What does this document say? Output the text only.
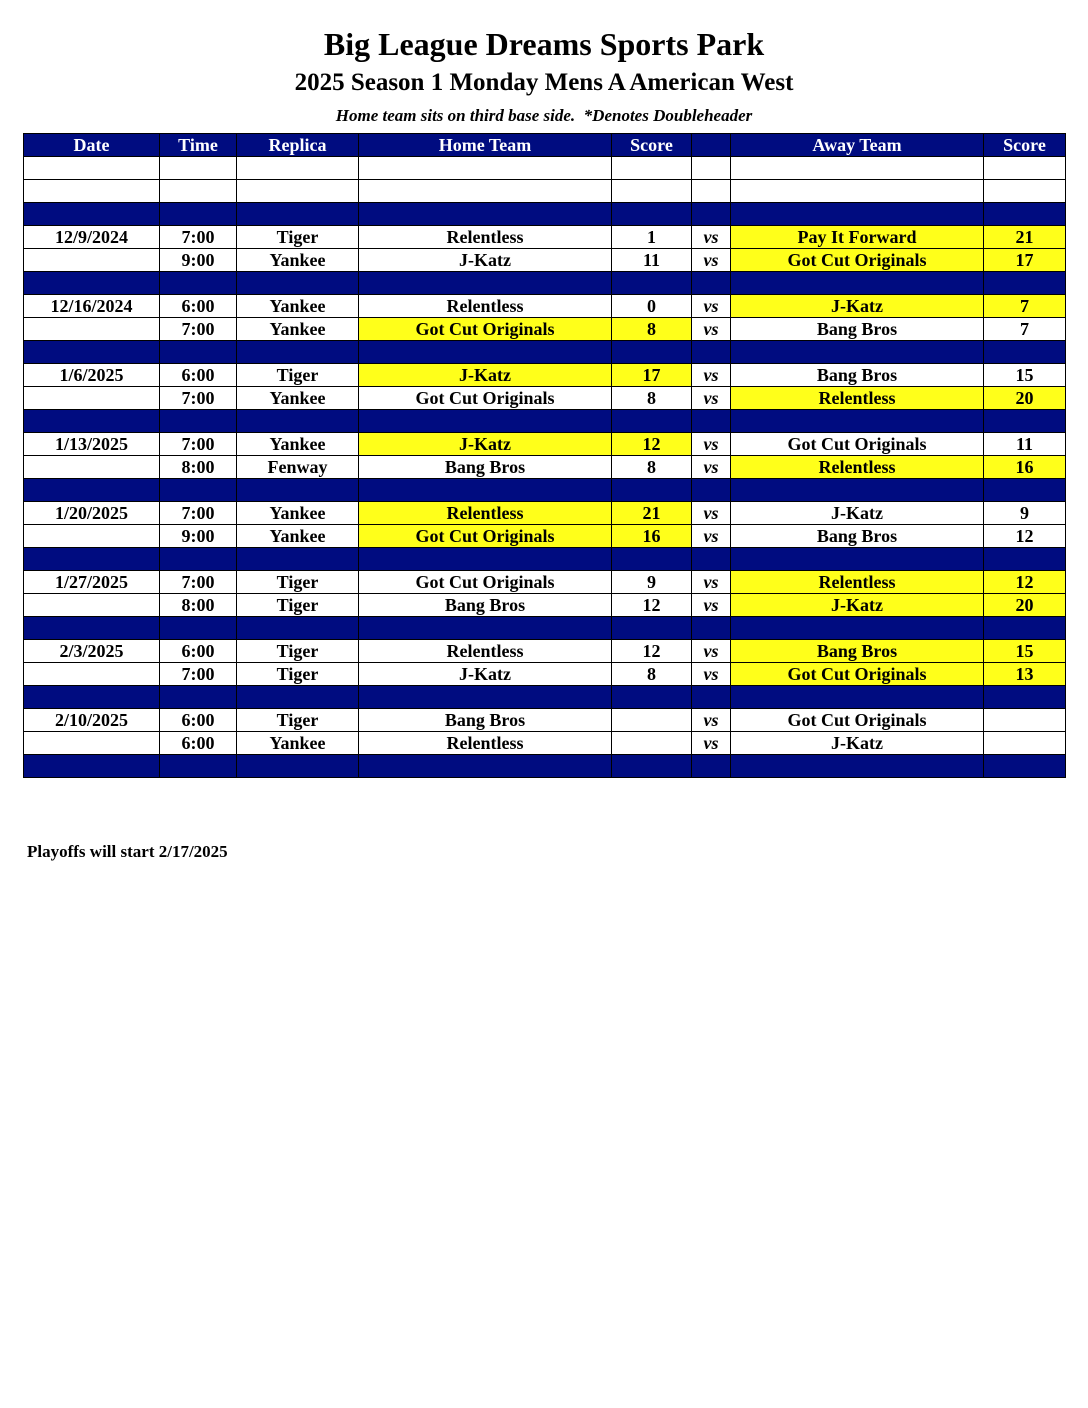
Big League Dreams Sports Park
2025 Season 1 Monday Mens A American West
Home team sits on third base side.  *Denotes Doubleheader
Date	Time	Replica	Home Team	Score		Away Team	Score

12/9/2024	7:00	Tiger	Relentless	1	vs	Pay It Forward	21
	9:00	Yankee	J-Katz	11	vs	Got Cut Originals	17

12/16/2024	6:00	Yankee	Relentless	0	vs	J-Katz	7
	7:00	Yankee	Got Cut Originals	8	vs	Bang Bros	7

1/6/2025	6:00	Tiger	J-Katz	17	vs	Bang Bros	15
	7:00	Yankee	Got Cut Originals	8	vs	Relentless	20

1/13/2025	7:00	Yankee	J-Katz	12	vs	Got Cut Originals	11
	8:00	Fenway	Bang Bros	8	vs	Relentless	16

1/20/2025	7:00	Yankee	Relentless	21	vs	J-Katz	9
	9:00	Yankee	Got Cut Originals	16	vs	Bang Bros	12

1/27/2025	7:00	Tiger	Got Cut Originals	9	vs	Relentless	12
	8:00	Tiger	Bang Bros	12	vs	J-Katz	20

2/3/2025	6:00	Tiger	Relentless	12	vs	Bang Bros	15
	7:00	Tiger	J-Katz	8	vs	Got Cut Originals	13

2/10/2025	6:00	Tiger	Bang Bros		vs	Got Cut Originals	
	6:00	Yankee	Relentless		vs	J-Katz	

Playoffs will start 2/17/2025
